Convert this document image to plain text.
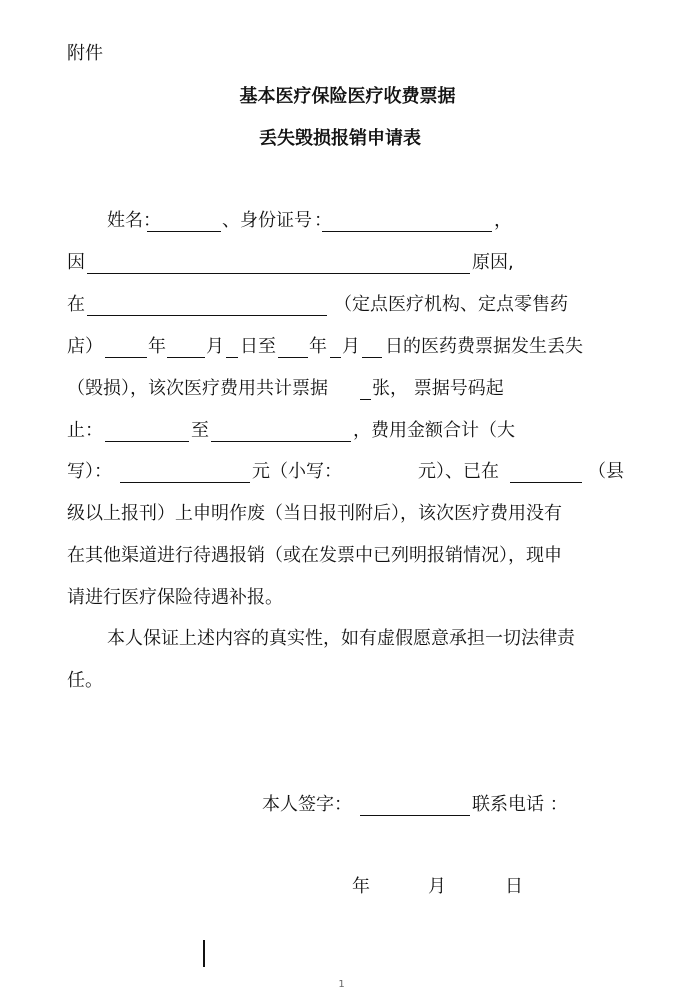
附件
基本医疗保险医疗收费票据
丢失毁损报销申请表
姓名 ：	、身份证号 ：	，
因	原因,
在	（定点医疗机构、定点零售药
店）	年 月 日至 年 月 日的医药费票据发生丢失
（毁损），该次医疗费用共计票据 张， 票据号码起
止：	至	，费用金额合计（大
写）：	元（小写：	元）、已在	（县
级以上报刊）上申明作废（当日报刊附后），该次医疗费用没有
在其他渠道进行待遇报销（或在发票中已列明报销情况），现申
请进行医疗保险待遇补报。
本人保证上述内容的真实性，如有虚假愿意承担一切法律责
任。
本人签字：	联系电话 ：
年	月	日
1
